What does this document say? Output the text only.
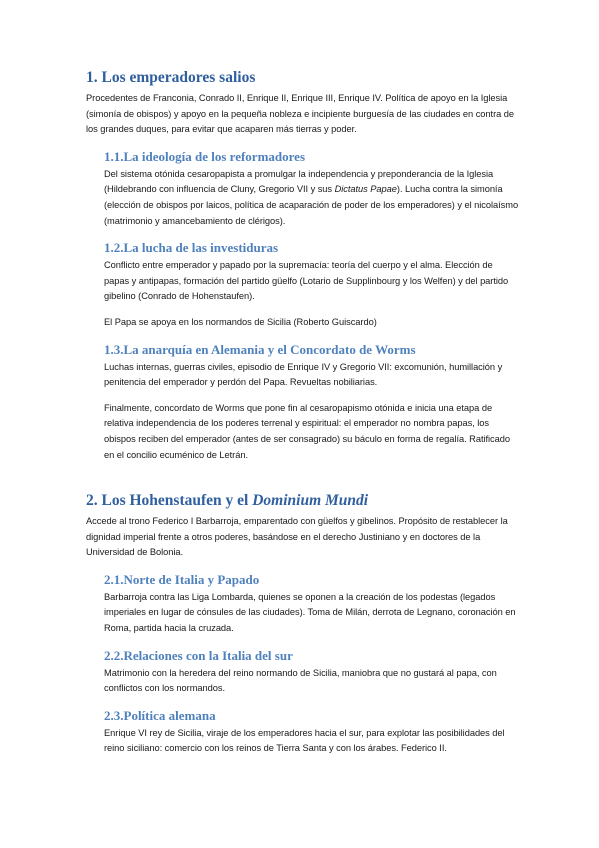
1. Los emperadores salios

Procedentes de Franconia, Conrado II, Enrique II, Enrique III, Enrique IV. Política de apoyo en la Iglesia (simonía de obispos) y apoyo en la pequeña nobleza e incipiente burguesía de las ciudades en contra de los grandes duques, para evitar que acaparen más tierras y poder.

1.1.La ideología de los reformadores

Del sistema otónida cesaropapista a promulgar la independencia y preponderancia de la Iglesia (Hildebrando con influencia de Cluny, Gregorio VII y sus Dictatus Papae). Lucha contra la simonía (elección de obispos por laicos, política de acaparación de poder de los emperadores) y el nicolaísmo (matrimonio y amancebamiento de clérigos).

1.2.La lucha de las investiduras

Conflicto entre emperador y papado por la supremacía: teoría del cuerpo y el alma. Elección de papas y antipapas, formación del partido güelfo (Lotario de Supplinbourg y los Welfen) y del partido gibelino (Conrado de Hohenstaufen).

El Papa se apoya en los normandos de Sicilia (Roberto Guiscardo)

1.3.La anarquía en Alemania y el Concordato de Worms

Luchas internas, guerras civiles, episodio de Enrique IV y Gregorio VII: excomunión, humillación y penitencia del emperador y perdón del Papa. Revueltas nobiliarias.

Finalmente, concordato de Worms que pone fin al cesaropapismo otónida e inicia una etapa de relativa independencia de los poderes terrenal y espiritual: el emperador no nombra papas, los obispos reciben del emperador (antes de ser consagrado) su báculo en forma de regalía. Ratificado en el concilio ecuménico de Letrán.

2. Los Hohenstaufen y el Dominium Mundi

Accede al trono Federico I Barbarroja, emparentado con güelfos y gibelinos. Propósito de restablecer la dignidad imperial frente a otros poderes, basándose en el derecho Justiniano y en doctores de la Universidad de Bolonia.

2.1.Norte de Italia y Papado

Barbarroja contra las Liga Lombarda, quienes se oponen a la creación de los podestas (legados imperiales en lugar de cónsules de las ciudades). Toma de Milán, derrota de Legnano, coronación en Roma, partida hacia la cruzada.

2.2.Relaciones con la Italia del sur

Matrimonio con la heredera del reino normando de Sicilia, maniobra que no gustará al papa, con conflictos con los normandos.

2.3.Política alemana

Enrique VI rey de Sicilia, viraje de los emperadores hacia el sur, para explotar las posibilidades del reino siciliano: comercio con los reinos de Tierra Santa y con los árabes. Federico II.
